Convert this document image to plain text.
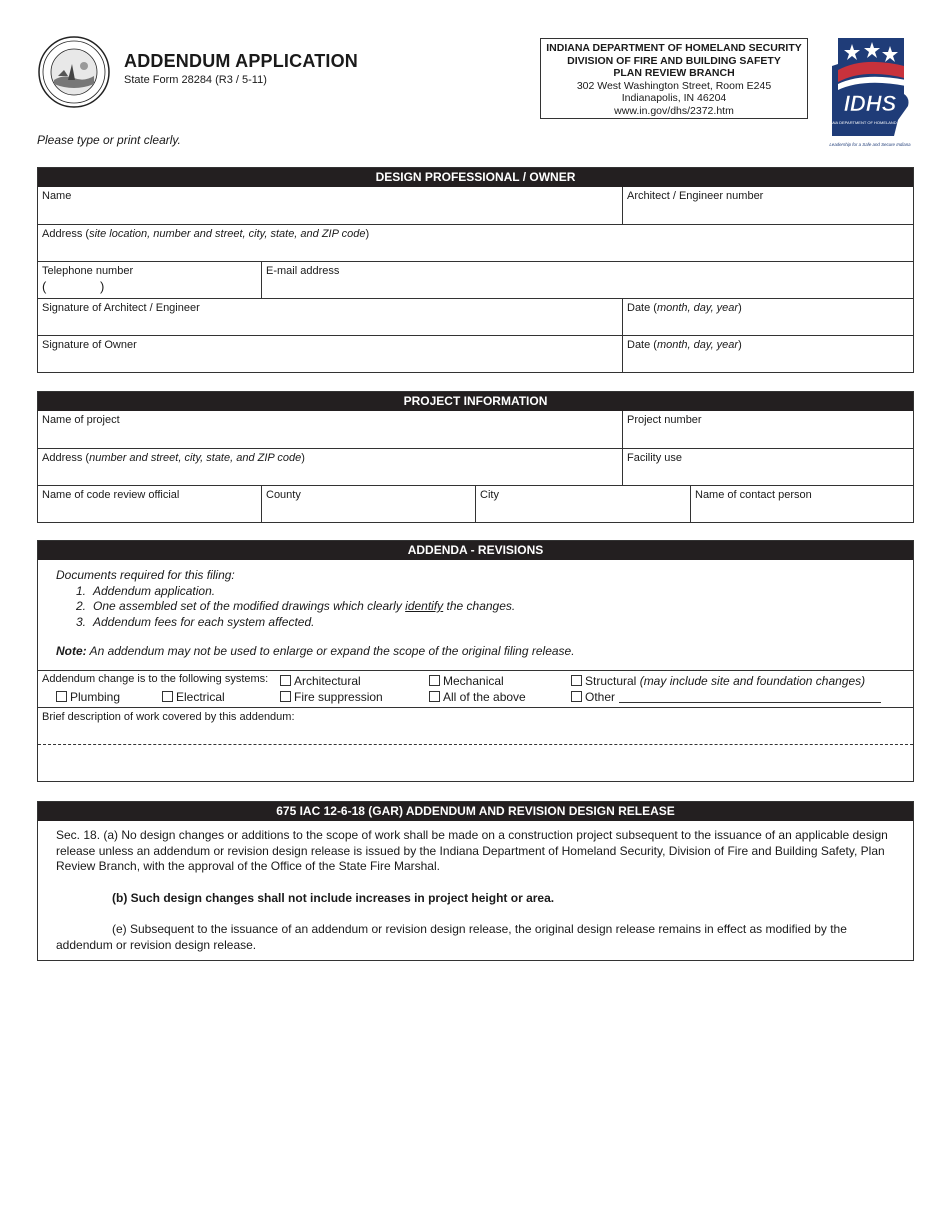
ADDENDUM APPLICATION
State Form 28284 (R3 / 5-11)
INDIANA DEPARTMENT OF HOMELAND SECURITY
DIVISION OF FIRE AND BUILDING SAFETY
PLAN REVIEW BRANCH
302 West Washington Street, Room E245
Indianapolis, IN 46204
www.in.gov/dhs/2372.htm	IDHS
INDIANA DEPARTMENT OF HOMELAND SECURITY
Leadership for a Safe and Secure Indiana
Please type or print clearly.
DESIGN PROFESSIONAL / OWNER
Name	Architect / Engineer number
Address (site location, number and street, city, state, and ZIP code)
Telephone number
(	)
E-mail address
Signature of Architect / Engineer	Date (month, day, year)
Signature of Owner	Date (month, day, year)
PROJECT INFORMATION
Name of project	Project number
Address (number and street, city, state, and ZIP code)	Facility use
Name of code review official	County	City	Name of contact person
ADDENDA - REVISIONS
Documents required for this filing:
1. Addendum application.
2. One assembled set of the modified drawings which clearly identify the changes.
3. Addendum fees for each system affected.
Note: An addendum may not be used to enlarge or expand the scope of the original filing release.
Addendum change is to the following systems:	Architectural	Mechanical	Structural (may include site and foundation changes)
Plumbing	Electrical	Fire suppression	All of the above	Other
Brief description of work covered by this addendum:
675 IAC 12-6-18 (GAR) ADDENDUM AND REVISION DESIGN RELEASE

Sec. 18. (a) No design changes or additions to the scope of work shall be made on a construction project subsequent to the issuance of an applicable design release unless an addendum or revision design release is issued by the Indiana Department of Homeland Security, Division of Fire and Building Safety, Plan Review Branch, with the approval of the Office of the State Fire Marshal.

(b) Such design changes shall not include increases in project height or area.

(e) Subsequent to the issuance of an addendum or revision design release, the original design release remains in effect as modified by the addendum or revision design release.
